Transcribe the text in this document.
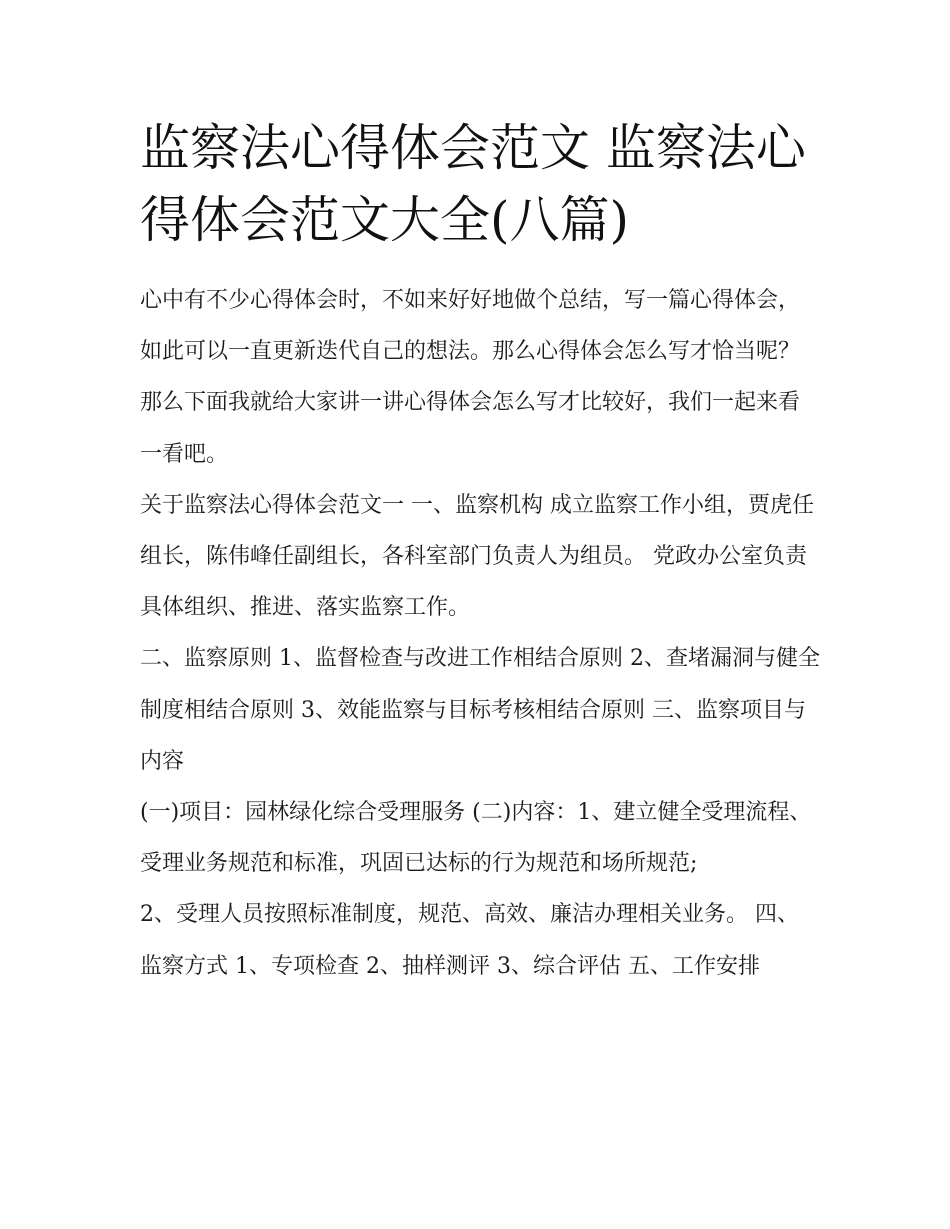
监察法心得体会范文 监察法心得体会范文大全(八篇)

心中有不少心得体会时，不如来好好地做个总结，写一篇心得体会，如此可以一直更新迭代自己的想法。那么心得体会怎么写才恰当呢？那么下面我就给大家讲一讲心得体会怎么写才比较好，我们一起来看一看吧。

关于监察法心得体会范文一 一、监察机构 成立监察工作小组，贾虎任组长，陈伟峰任副组长，各科室部门负责人为组员。 党政办公室负责具体组织、推进、落实监察工作。

二、监察原则 1、监督检查与改进工作相结合原则 2、查堵漏洞与健全制度相结合原则 3、效能监察与目标考核相结合原则 三、监察项目与内容

(一)项目：园林绿化综合受理服务 (二)内容：1、建立健全受理流程、受理业务规范和标准，巩固已达标的行为规范和场所规范;

2、受理人员按照标准制度，规范、高效、廉洁办理相关业务。 四、监察方式 1、专项检查 2、抽样测评 3、综合评估 五、工作安排
